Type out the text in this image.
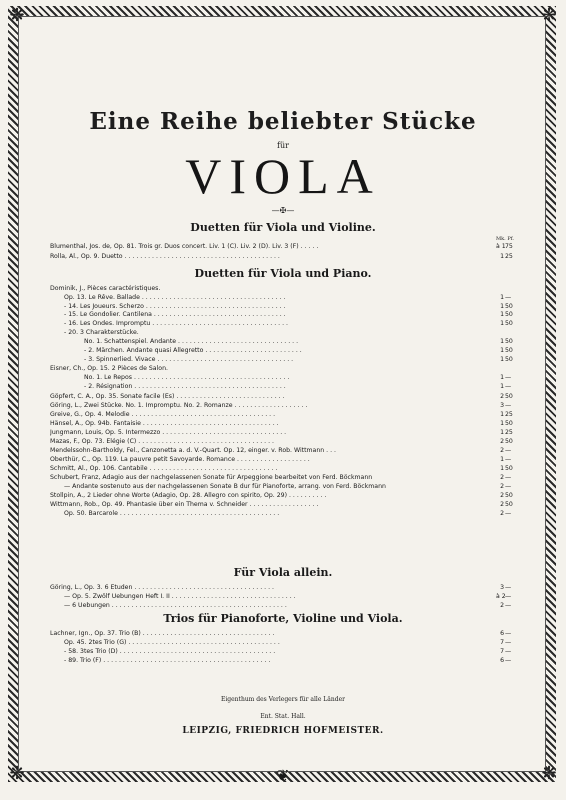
❋	❋
❋	❋
❦
Eine Reihe beliebter Stücke
für
VIOLA
—✠—
Duetten für Viola und Violine.
Mk. Pf.
Duetten für Viola und Piano.
Für Viola allein.
Trios für Pianoforte, Violine und Viola.
Blumenthal, Jos. de, Op. 81. Trois gr. Duos concert. Liv. 1 (C). Liv. 2 (D). Liv. 3 (F) . . . . .	à 1 75
Rolla, Al., Op. 9. Duetto . . . . . . . . . . . . . . . . . . . . . . . . . . . . . . . . . . . . . . . .	1 25
Dominik, J., Pièces caractéristiques.
Op. 13. Le Rêve. Ballade . . . . . . . . . . . . . . . . . . . . . . . . . . . . . . . . . . . . .	1 —
- 14. Les Joueurs. Scherzo . . . . . . . . . . . . . . . . . . . . . . . . . . . . . . . . . . . .	1 50
- 15. Le Gondolier. Cantilena . . . . . . . . . . . . . . . . . . . . . . . . . . . . . . . . . .	1 50
- 16. Les Ondes. Impromptu . . . . . . . . . . . . . . . . . . . . . . . . . . . . . . . . . . .	1 50
- 20. 3 Charakterstücke.
No. 1. Schattenspiel. Andante . . . . . . . . . . . . . . . . . . . . . . . . . . . . . . .	1 50
- 2. Märchen. Andante quasi Allegretto . . . . . . . . . . . . . . . . . . . . . . . . .	1 50
- 3. Spinnerlied. Vivace . . . . . . . . . . . . . . . . . . . . . . . . . . . . . . . . . . .	1 50
Eisner, Ch., Op. 15. 2 Pièces de Salon.
No. 1. Le Repos . . . . . . . . . . . . . . . . . . . . . . . . . . . . . . . . . . . . . . . .	1 —
- 2. Résignation . . . . . . . . . . . . . . . . . . . . . . . . . . . . . . . . . . . . . . .	1 —
Göpfert, C. A., Op. 35. Sonate facile (Es) . . . . . . . . . . . . . . . . . . . . . . . . . . . .	2 50
Göring, L., Zwei Stücke. No. 1. Impromptu. No. 2. Romanze . . . . . . . . . . . . . . . . . . .	3 —
Greive, G., Op. 4. Melodie . . . . . . . . . . . . . . . . . . . . . . . . . . . . . . . . . . . . .	1 25
Hänsel, A., Op. 94b. Fantaisie . . . . . . . . . . . . . . . . . . . . . . . . . . . . . . . . . . .	1 50
Jungmann, Louis, Op. 5. Intermezzo . . . . . . . . . . . . . . . . . . . . . . . . . . . . . . . .	1 25
Mazas, F., Op. 73. Elégie (C) . . . . . . . . . . . . . . . . . . . . . . . . . . . . . . . . . . .	2 50
Mendelssohn-Bartholdy, Fel., Canzonetta a. d. V.-Quart. Op. 12, einger. v. Rob. Wittmann . . .	2 —
Oberthür, C., Op. 119. La pauvre petit Savoyarde. Romance . . . . . . . . . . . . . . . . . . .	1 —
Schmitt, Al., Op. 106. Cantabile . . . . . . . . . . . . . . . . . . . . . . . . . . . . . . . . .	1 50
Schubert, Franz, Adagio aus der nachgelassenen Sonate für Arpeggione bearbeitet von Ferd. Böckmann	2 —
— Andante sostenuto aus der nachgelassenen Sonate B dur für Pianoforte, arrang. von Ferd. Böckmann	2 —
Stollpin, A., 2 Lieder ohne Worte (Adagio, Op. 28. Allegro con spirito, Op. 29) . . . . . . . . . .	2 50
Wittmann, Rob., Op. 49. Phantasie über ein Thema v. Schneider . . . . . . . . . . . . . . . . . .	2 50
Op. 50. Barcarole . . . . . . . . . . . . . . . . . . . . . . . . . . . . . . . . . . . . . . . . .	2 —
Göring, L., Op. 3. 6 Etuden . . . . . . . . . . . . . . . . . . . . . . . . . . . . . . . . . . . .	3 —
— Op. 5. Zwölf Uebungen Heft I. II . . . . . . . . . . . . . . . . . . . . . . . . . . . . . . . .	à 2 —
— 6 Uebungen . . . . . . . . . . . . . . . . . . . . . . . . . . . . . . . . . . . . . . . . . . . . .	2 —
Lachner, Ign., Op. 37. Trio (B) . . . . . . . . . . . . . . . . . . . . . . . . . . . . . . . . . .	6 —
Op. 45. 2tes Trio (G) . . . . . . . . . . . . . . . . . . . . . . . . . . . . . . . . . . . . . . .	7 —
- 58. 3tes Trio (D) . . . . . . . . . . . . . . . . . . . . . . . . . . . . . . . . . . . . . . . .	7 —
- 89. Trio (F) . . . . . . . . . . . . . . . . . . . . . . . . . . . . . . . . . . . . . . . . . . .	6 —
Eigenthum des Verlegers für alle Länder
Ent. Stat. Hall.
LEIPZIG, FRIEDRICH HOFMEISTER.
